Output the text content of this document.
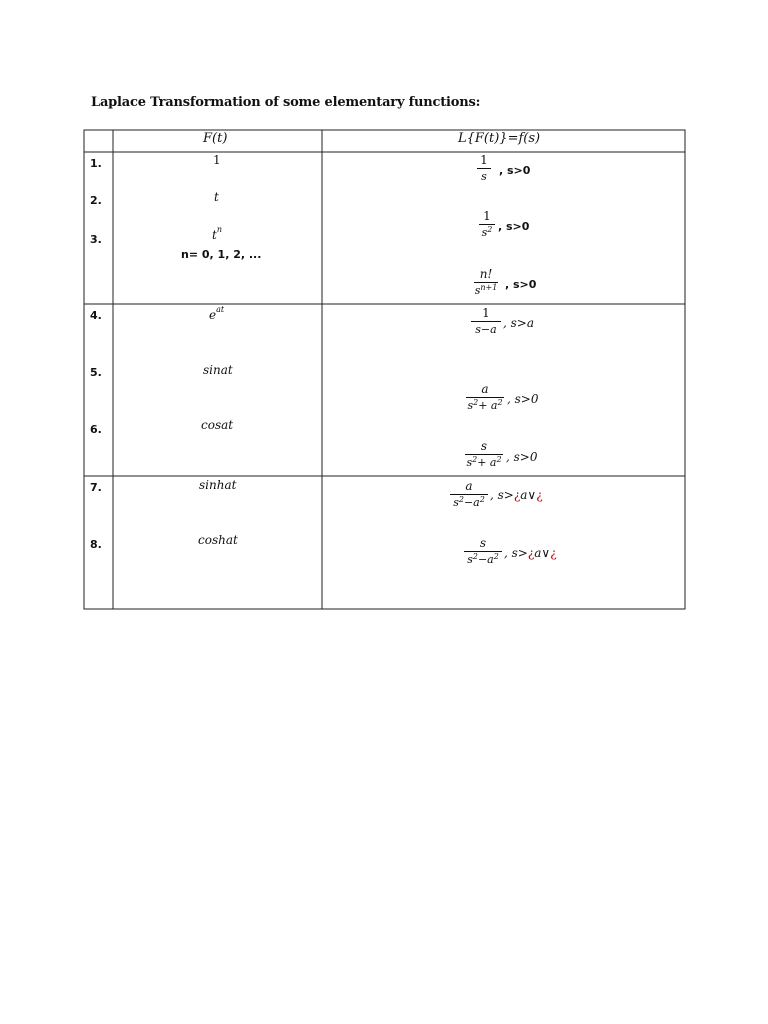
Laplace Transformation of some elementary functions:
F(t)	L{F(t)}=f(s)
1.
2.
3.
4.
5.
6.
7.
8.
1
t
$t^n$
n= 0, 1, 2, ...
$e^{at}$
sinat
cosat
sinhat
coshat
1
s , s>0
1
$s^2$ , s>0
n!
$s^{n+1}$ , s>0
1
s−a , s>a
a
$s^2+ a^2$ , s>0
s
$s^2+ a^2$ , s>0
a
$s^2-a^2$ , s>¿a∨¿
s
$s^2-a^2$ , s>¿a∨¿
